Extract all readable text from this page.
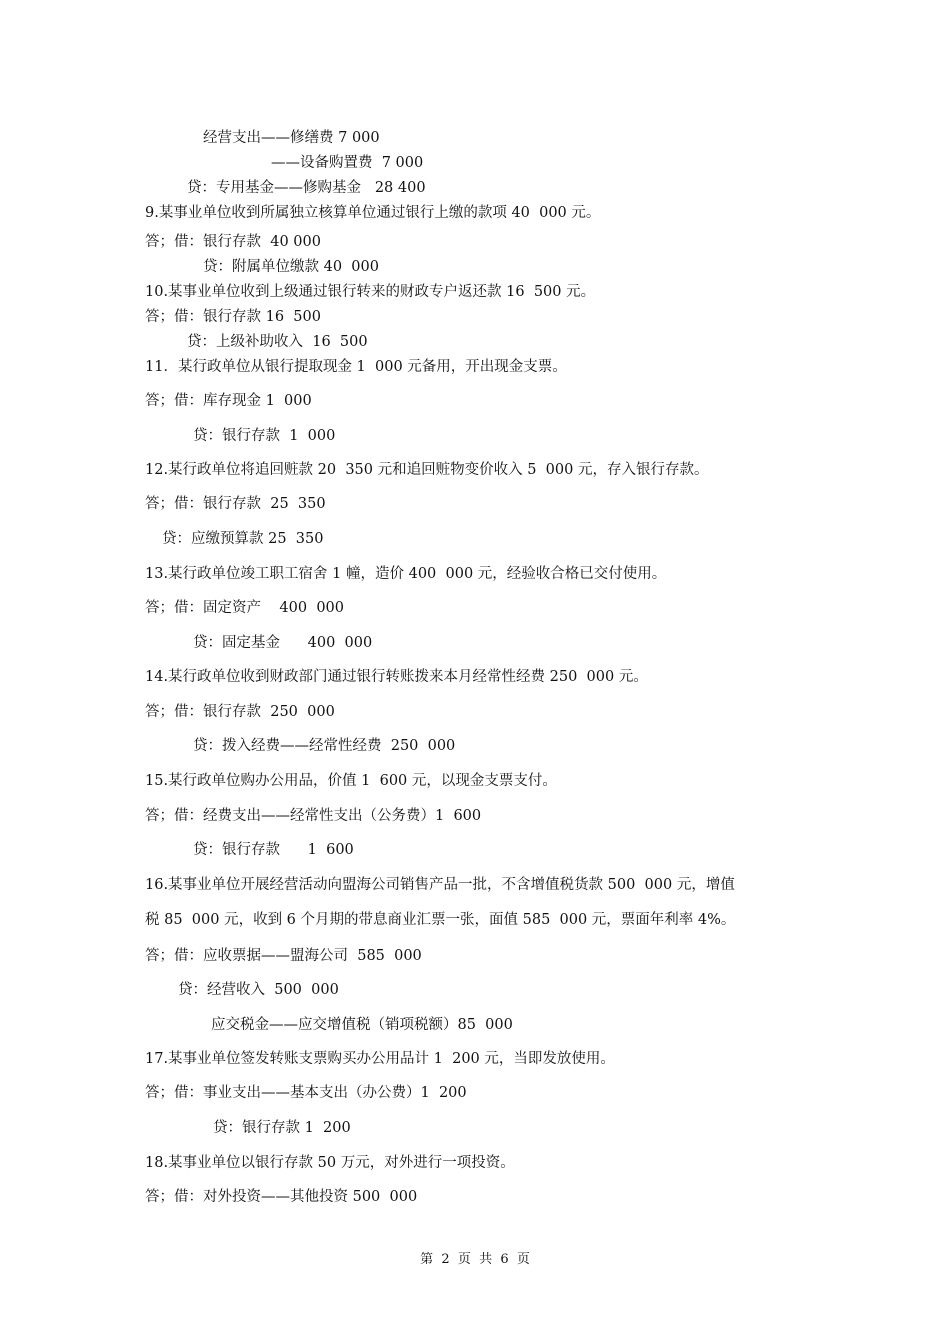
经营支出——修缮费 7 000
——设备购置费  7 000
贷：专用基金——修购基金   28 400
9.某事业单位收到所属独立核算单位通过银行上缴的款项 40  000 元。
答；借：银行存款  40 000
贷：附属单位缴款 40  000
10.某事业单位收到上级通过银行转来的财政专户返还款 16  500 元。
答；借：银行存款 16  500
贷：上级补助收入  16  500
11．某行政单位从银行提取现金 1  000 元备用，开出现金支票。
答；借：库存现金 1  000
贷：银行存款  1  000
12.某行政单位将追回赃款 20  350 元和追回赃物变价收入 5  000 元，存入银行存款。
答；借：银行存款  25  350
贷：应缴预算款 25  350
13.某行政单位竣工职工宿舍 1 幢，造价 400  000 元，经验收合格已交付使用。
答；借：固定资产    400  000
贷：固定基金      400  000
14.某行政单位收到财政部门通过银行转账拨来本月经常性经费 250  000 元。
答；借：银行存款  250  000
贷：拨入经费——经常性经费  250  000
15.某行政单位购办公用品，价值 1  600 元，以现金支票支付。
答；借：经费支出——经常性支出（公务费）1  600
贷：银行存款      1  600
16.某事业单位开展经营活动向盟海公司销售产品一批，不含增值税货款 500  000 元，增值
税 85  000 元，收到 6 个月期的带息商业汇票一张，面值 585  000 元，票面年利率 4%。
答；借：应收票据——盟海公司  585  000
贷：经营收入  500  000
应交税金——应交增值税（销项税额）85  000
17.某事业单位签发转账支票购买办公用品计 1  200 元，当即发放使用。
答；借：事业支出——基本支出（办公费）1  200
贷：银行存款 1  200
18.某事业单位以银行存款 50 万元，对外进行一项投资。
答；借：对外投资——其他投资 500  000
第  2  页  共  6  页
